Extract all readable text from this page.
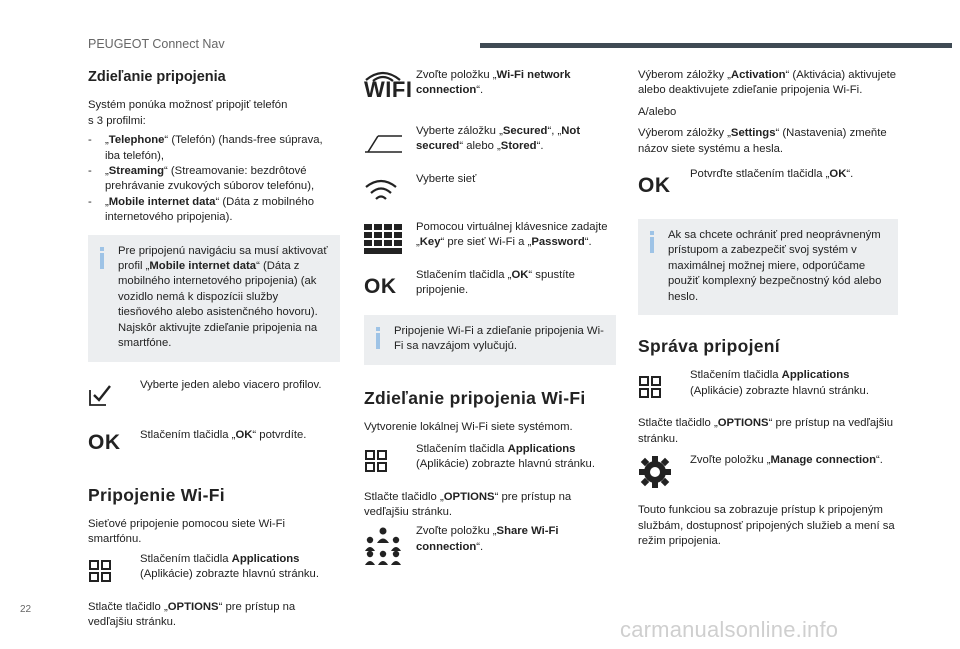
PEUGEOT Connect Nav
Zdieľanie pripojenia

Systém ponúka možnosť pripojiť telefón
s 3 profilmi:

- „Telephone“ (Telefón) (hands-free súprava, iba telefón),
- „Streaming“ (Streamovanie: bezdrôtové prehrávanie zvukových súborov telefónu),
- „Mobile internet data“ (Dáta z mobilného internetového pripojenia).
Pre pripojenú navigáciu sa musí aktivovať profil „Mobile internet data“ (Dáta z mobilného internetového pripojenia) (ak vozidlo nemá k dispozícii služby tiesňového alebo asistenčného hovoru). Najskôr aktivujte zdieľanie pripojenia na smartfóne.
Vyberte jeden alebo viacero profilov.
OK Stlačením tlačidla „OK“ potvrdíte.
Pripojenie Wi-Fi

Sieťové pripojenie pomocou siete Wi-Fi smartfónu.

Stlačením tlačidla Applications (Aplikácie) zobrazte hlavnú stránku.

Stlačte tlačidlo „OPTIONS“ pre prístup na vedľajšiu stránku.

WIFI
Zvoľte položku „Wi-Fi network connection“.
Vyberte záložku „Secured“, „Not secured“ alebo „Stored“.
Vyberte sieť
Pomocou virtuálnej klávesnice zadajte „Key“ pre sieť Wi-Fi a „Password“.
OK
Stlačením tlačidla „OK“ spustíte pripojenie.
Pripojenie Wi-Fi a zdieľanie pripojenia Wi-Fi sa navzájom vylučujú.
Zdieľanie pripojenia Wi-Fi

Vytvorenie lokálnej Wi-Fi siete systémom.

Stlačením tlačidla Applications (Aplikácie) zobrazte hlavnú stránku.

Stlačte tlačidlo „OPTIONS“ pre prístup na vedľajšiu stránku.

Zvoľte položku „Share Wi-Fi connection“.

Výberom záložky „Activation“ (Aktivácia) aktivujete alebo deaktivujete zdieľanie pripojenia Wi-Fi.

A/alebo

Výberom záložky „Settings“ (Nastavenia) zmeňte názov siete systému a hesla.

OK
Potvrďte stlačením tlačidla „OK“.
Ak sa chcete ochrániť pred neoprávneným prístupom a zabezpečiť svoj systém v maximálnej možnej miere, odporúčame použiť komplexný bezpečnostný kód alebo heslo.
Správa pripojení
Stlačením tlačidla Applications (Aplikácie) zobrazte hlavnú stránku.

Stlačte tlačidlo „OPTIONS“ pre prístup na vedľajšiu stránku.

Zvoľte položku „Manage connection“.

Touto funkciou sa zobrazuje prístup k pripojeným službám, dostupnosť pripojených služieb a mení sa režim pripojenia.

22
carmanualsonline.info
